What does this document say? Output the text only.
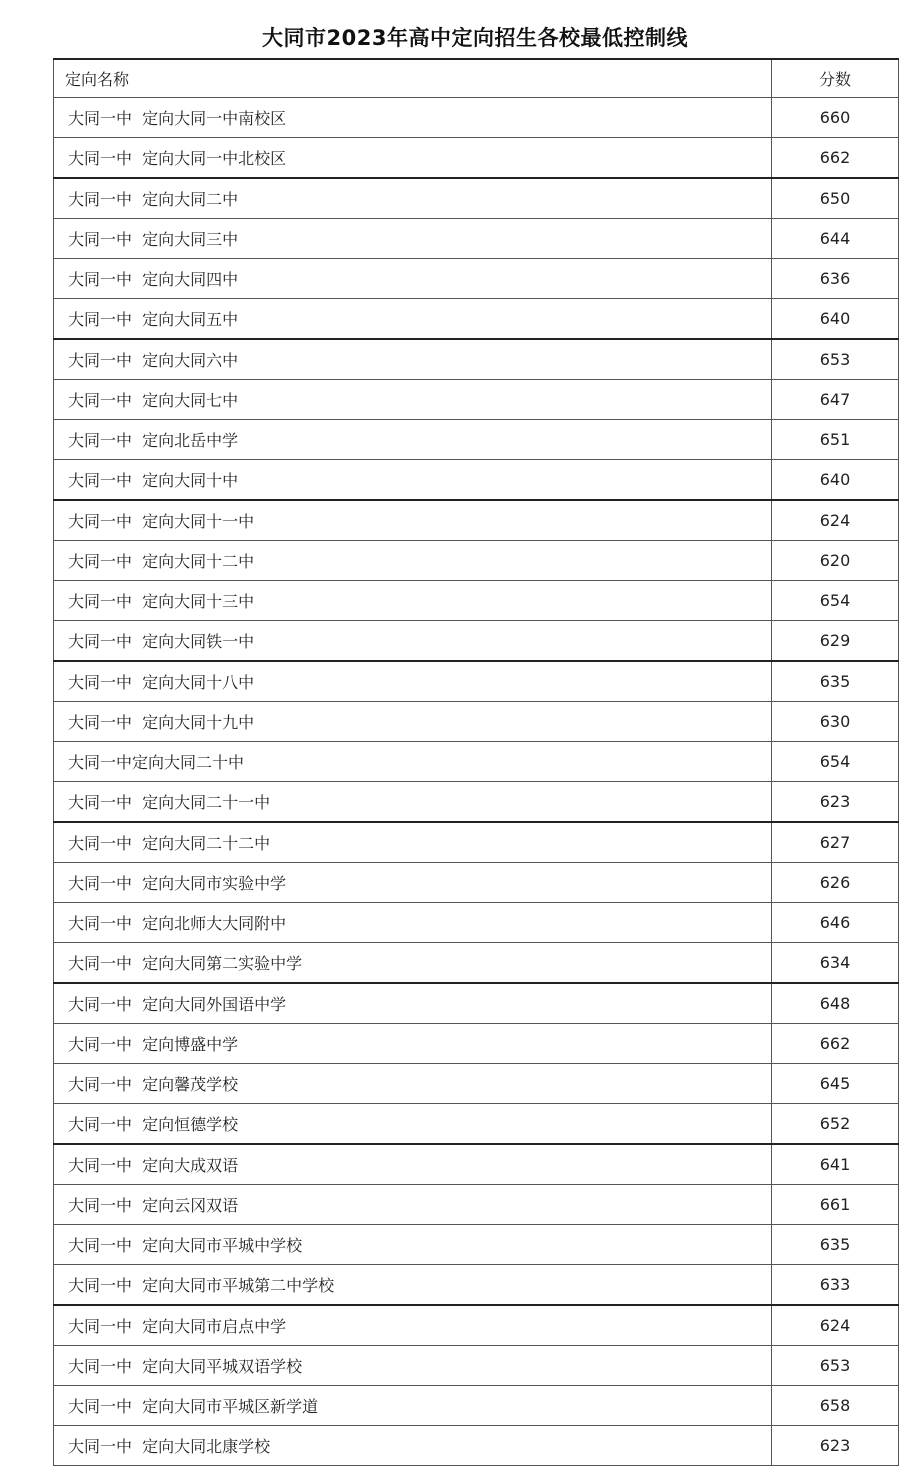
大同市2023年高中定向招生各校最低控制线
定向名称	分数
大同一中  定向大同一中南校区	660
大同一中  定向大同一中北校区	662
大同一中  定向大同二中	650
大同一中  定向大同三中	644
大同一中  定向大同四中	636
大同一中  定向大同五中	640
大同一中  定向大同六中	653
大同一中  定向大同七中	647
大同一中  定向北岳中学	651
大同一中  定向大同十中	640
大同一中  定向大同十一中	624
大同一中  定向大同十二中	620
大同一中  定向大同十三中	654
大同一中  定向大同铁一中	629
大同一中  定向大同十八中	635
大同一中  定向大同十九中	630
大同一中定向大同二十中	654
大同一中  定向大同二十一中	623
大同一中  定向大同二十二中	627
大同一中  定向大同市实验中学	626
大同一中  定向北师大大同附中	646
大同一中  定向大同第二实验中学	634
大同一中  定向大同外国语中学	648
大同一中  定向博盛中学	662
大同一中  定向馨茂学校	645
大同一中  定向恒德学校	652
大同一中  定向大成双语	641
大同一中  定向云冈双语	661
大同一中  定向大同市平城中学校	635
大同一中  定向大同市平城第二中学校	633
大同一中  定向大同市启点中学	624
大同一中  定向大同平城双语学校	653
大同一中  定向大同市平城区新学道	658
大同一中  定向大同北康学校	623
